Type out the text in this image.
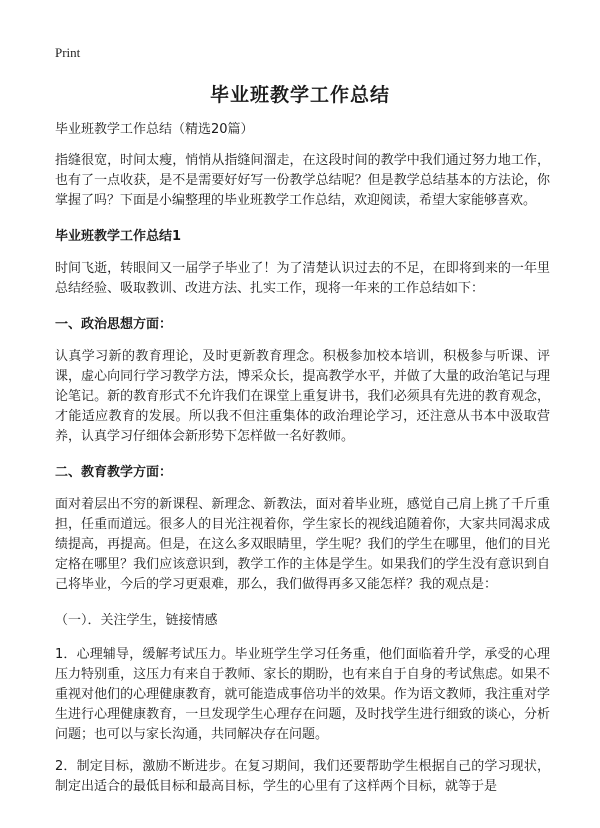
Print
毕业班教学工作总结

毕业班教学工作总结（精选20篇）

指缝很宽，时间太瘦，悄悄从指缝间溜走，在这段时间的教学中我们通过努力地工作，也有了一点收获，是不是需要好好写一份教学总结呢？但是教学总结基本的方法论，你掌握了吗？下面是小编整理的毕业班教学工作总结，欢迎阅读，希望大家能够喜欢。

毕业班教学工作总结1

时间飞逝，转眼间又一届学子毕业了！为了清楚认识过去的不足，在即将到来的一年里总结经验、吸取教训、改进方法、扎实工作，现将一年来的工作总结如下：

一、政治思想方面：

认真学习新的教育理论，及时更新教育理念。积极参加校本培训，积极参与听课、评课，虚心向同行学习教学方法，博采众长，提高教学水平，并做了大量的政治笔记与理论笔记。新的教育形式不允许我们在课堂上重复讲书，我们必须具有先进的教育观念，才能适应教育的发展。所以我不但注重集体的政治理论学习，还注意从书本中汲取营养，认真学习仔细体会新形势下怎样做一名好教师。

二、教育教学方面：

面对着层出不穷的新课程、新理念、新教法，面对着毕业班，感觉自己肩上挑了千斤重担，任重而道远。很多人的目光注视着你，学生家长的视线追随着你，大家共同渴求成绩提高，再提高。但是，在这么多双眼睛里，学生呢？我们的学生在哪里，他们的目光定格在哪里？我们应该意识到，教学工作的主体是学生。如果我们的学生没有意识到自己将毕业，今后的学习更艰难，那么，我们做得再多又能怎样？我的观点是：

（一）．关注学生，链接情感

1．心理辅导，缓解考试压力。毕业班学生学习任务重，他们面临着升学，承受的心理压力特别重，这压力有来自于教师、家长的期盼，也有来自于自身的考试焦虑。如果不重视对他们的心理健康教育，就可能造成事倍功半的效果。作为语文教师，我注重对学生进行心理健康教育，一旦发现学生心理存在问题，及时找学生进行细致的谈心，分析问题；也可以与家长沟通，共同解决存在问题。

2．制定目标，激励不断进步。在复习期间，我们还要帮助学生根据自己的学习现状，制定出适合的最低目标和最高目标，学生的心里有了这样两个目标，就等于是
